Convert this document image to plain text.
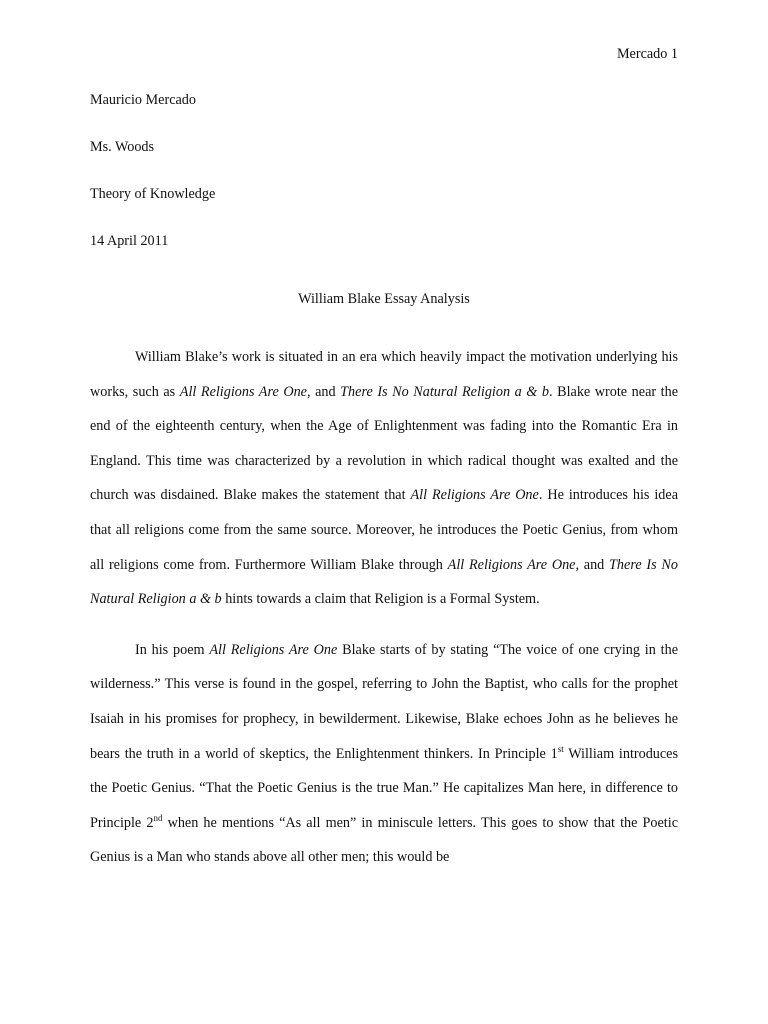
Mercado 1
Mauricio Mercado
Ms. Woods
Theory of Knowledge
14 April 2011
William Blake Essay Analysis

William Blake’s work is situated in an era which heavily impact the motivation underlying his works, such as All Religions Are One, and There Is No Natural Religion a & b. Blake wrote near the end of the eighteenth century, when the Age of Enlightenment was fading into the Romantic Era in England. This time was characterized by a revolution in which radical thought was exalted and the church was disdained. Blake makes the statement that All Religions Are One. He introduces his idea that all religions come from the same source. Moreover, he introduces the Poetic Genius, from whom all religions come from. Furthermore William Blake through All Religions Are One, and There Is No Natural Religion a & b hints towards a claim that Religion is a Formal System.

In his poem All Religions Are One Blake starts of by stating “The voice of one crying in the wilderness.” This verse is found in the gospel, referring to John the Baptist, who calls for the prophet Isaiah in his promises for prophecy, in bewilderment. Likewise, Blake echoes John as he believes he bears the truth in a world of skeptics, the Enlightenment thinkers. In Principle 1st William introduces the Poetic Genius. “That the Poetic Genius is the true Man.” He capitalizes Man here, in difference to Principle 2nd when he mentions “As all men” in miniscule letters. This goes to show that the Poetic Genius is a Man who stands above all other men; this would be
